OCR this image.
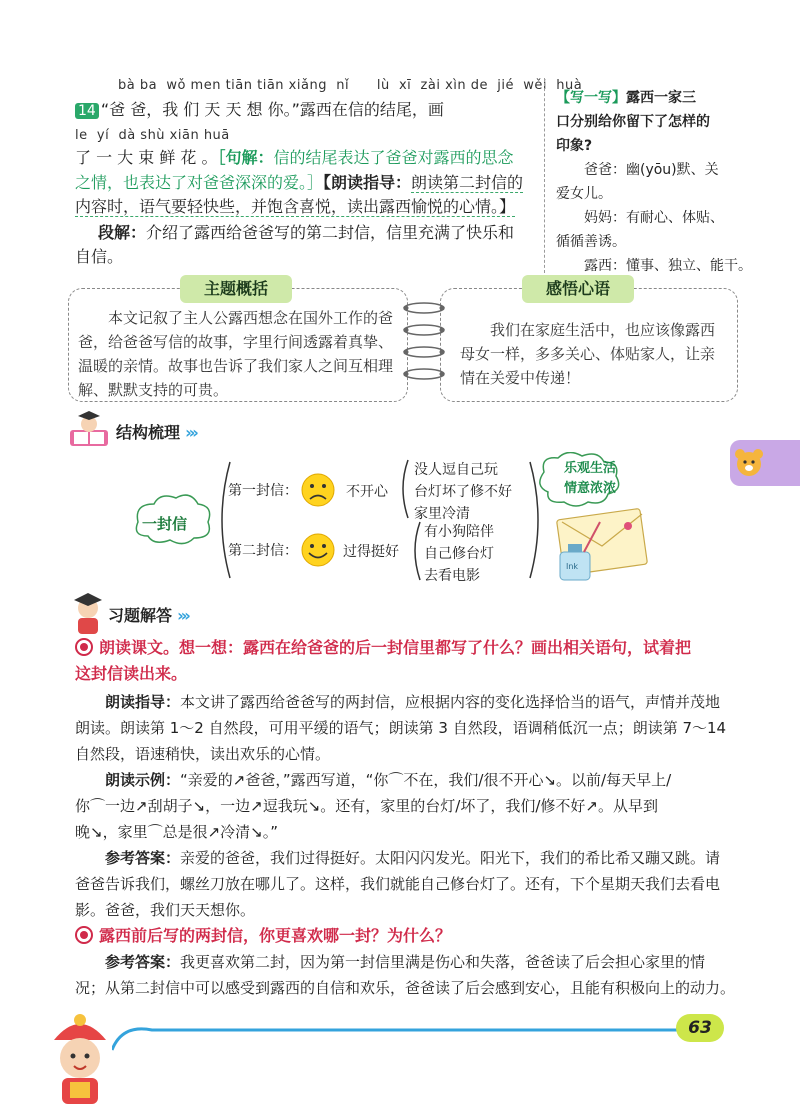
bà ba  wǒ men tiān tiān xiǎng  nǐ      lù  xī  zài xìn de  jié  wěi  huà
14 “爸 爸，我 们 天 天 想 你。”露西在信的结尾，画
le  yí  dà shù xiān huā
了 一 大 束 鲜 花 。［句解：信的结尾表达了爸爸对露西的思念
之情，也表达了对爸爸深深的爱。］【朗读指导：朗读第二封信的
内容时，语气要轻快些，并饱含喜悦，读出露西愉悦的心情。】
段解：介绍了露西给爸爸写的第二封信，信里充满了快乐和
自信。
【写一写】露西一家三
口分别给你留下了怎样的
印象?
爸爸：幽(yōu)默、关
爱女儿。
妈妈：有耐心、体贴、
循循善诱。
露西：懂事、独立、能干。
主题概括
本文记叙了主人公露西想念在国外工作的爸爸，给爸爸写信的故事，字里行间透露着真挚、温暖的亲情。故事也告诉了我们家人之间互相理解、默默支持的可贵。
感悟心语
我们在家庭生活中，也应该像露西母女一样，多多关心、体贴家人，让亲情在关爱中传递！
结构梳理 ›››
一封信
第一封信：	不开心
没人逗自己玩
台灯坏了修不好
家里冷清
第二封信：	过得挺好
有小狗陪伴
自己修台灯
去看电影
乐观生活
情意浓浓
Ink
习题解答 ›››
朗读课文。想一想：露西在给爸爸的后一封信里都写了什么？画出相关语句，试着把
这封信读出来。
朗读指导：本文讲了露西给爸爸写的两封信，应根据内容的变化选择恰当的语气，声情并茂地朗读。朗读第 1～2 自然段，可用平缓的语气；朗读第 3 自然段，语调稍低沉一点；朗读第 7～14 自然段，语速稍快，读出欢乐的心情。
朗读示例：“亲爱的↗爸爸，”露西写道，“你⌒不在，我们/很不开心↘。以前/每天早上/
你⌒一边↗刮胡子↘，一边↗逗我玩↘。还有，家里的台灯/坏了，我们/修不好↗。从早到
晚↘，家里⌒总是很↗冷清↘。”
参考答案：亲爱的爸爸，我们过得挺好。太阳闪闪发光。阳光下，我们的希比希又蹦又跳。请爸爸告诉我们，螺丝刀放在哪儿了。这样，我们就能自己修台灯了。还有，下个星期天我们去看电影。爸爸，我们天天想你。
露西前后写的两封信，你更喜欢哪一封？为什么？
参考答案：我更喜欢第二封，因为第一封信里满是伤心和失落，爸爸读了后会担心家里的情况；从第二封信中可以感受到露西的自信和欢乐，爸爸读了后会感到安心，且能有积极向上的动力。
63
